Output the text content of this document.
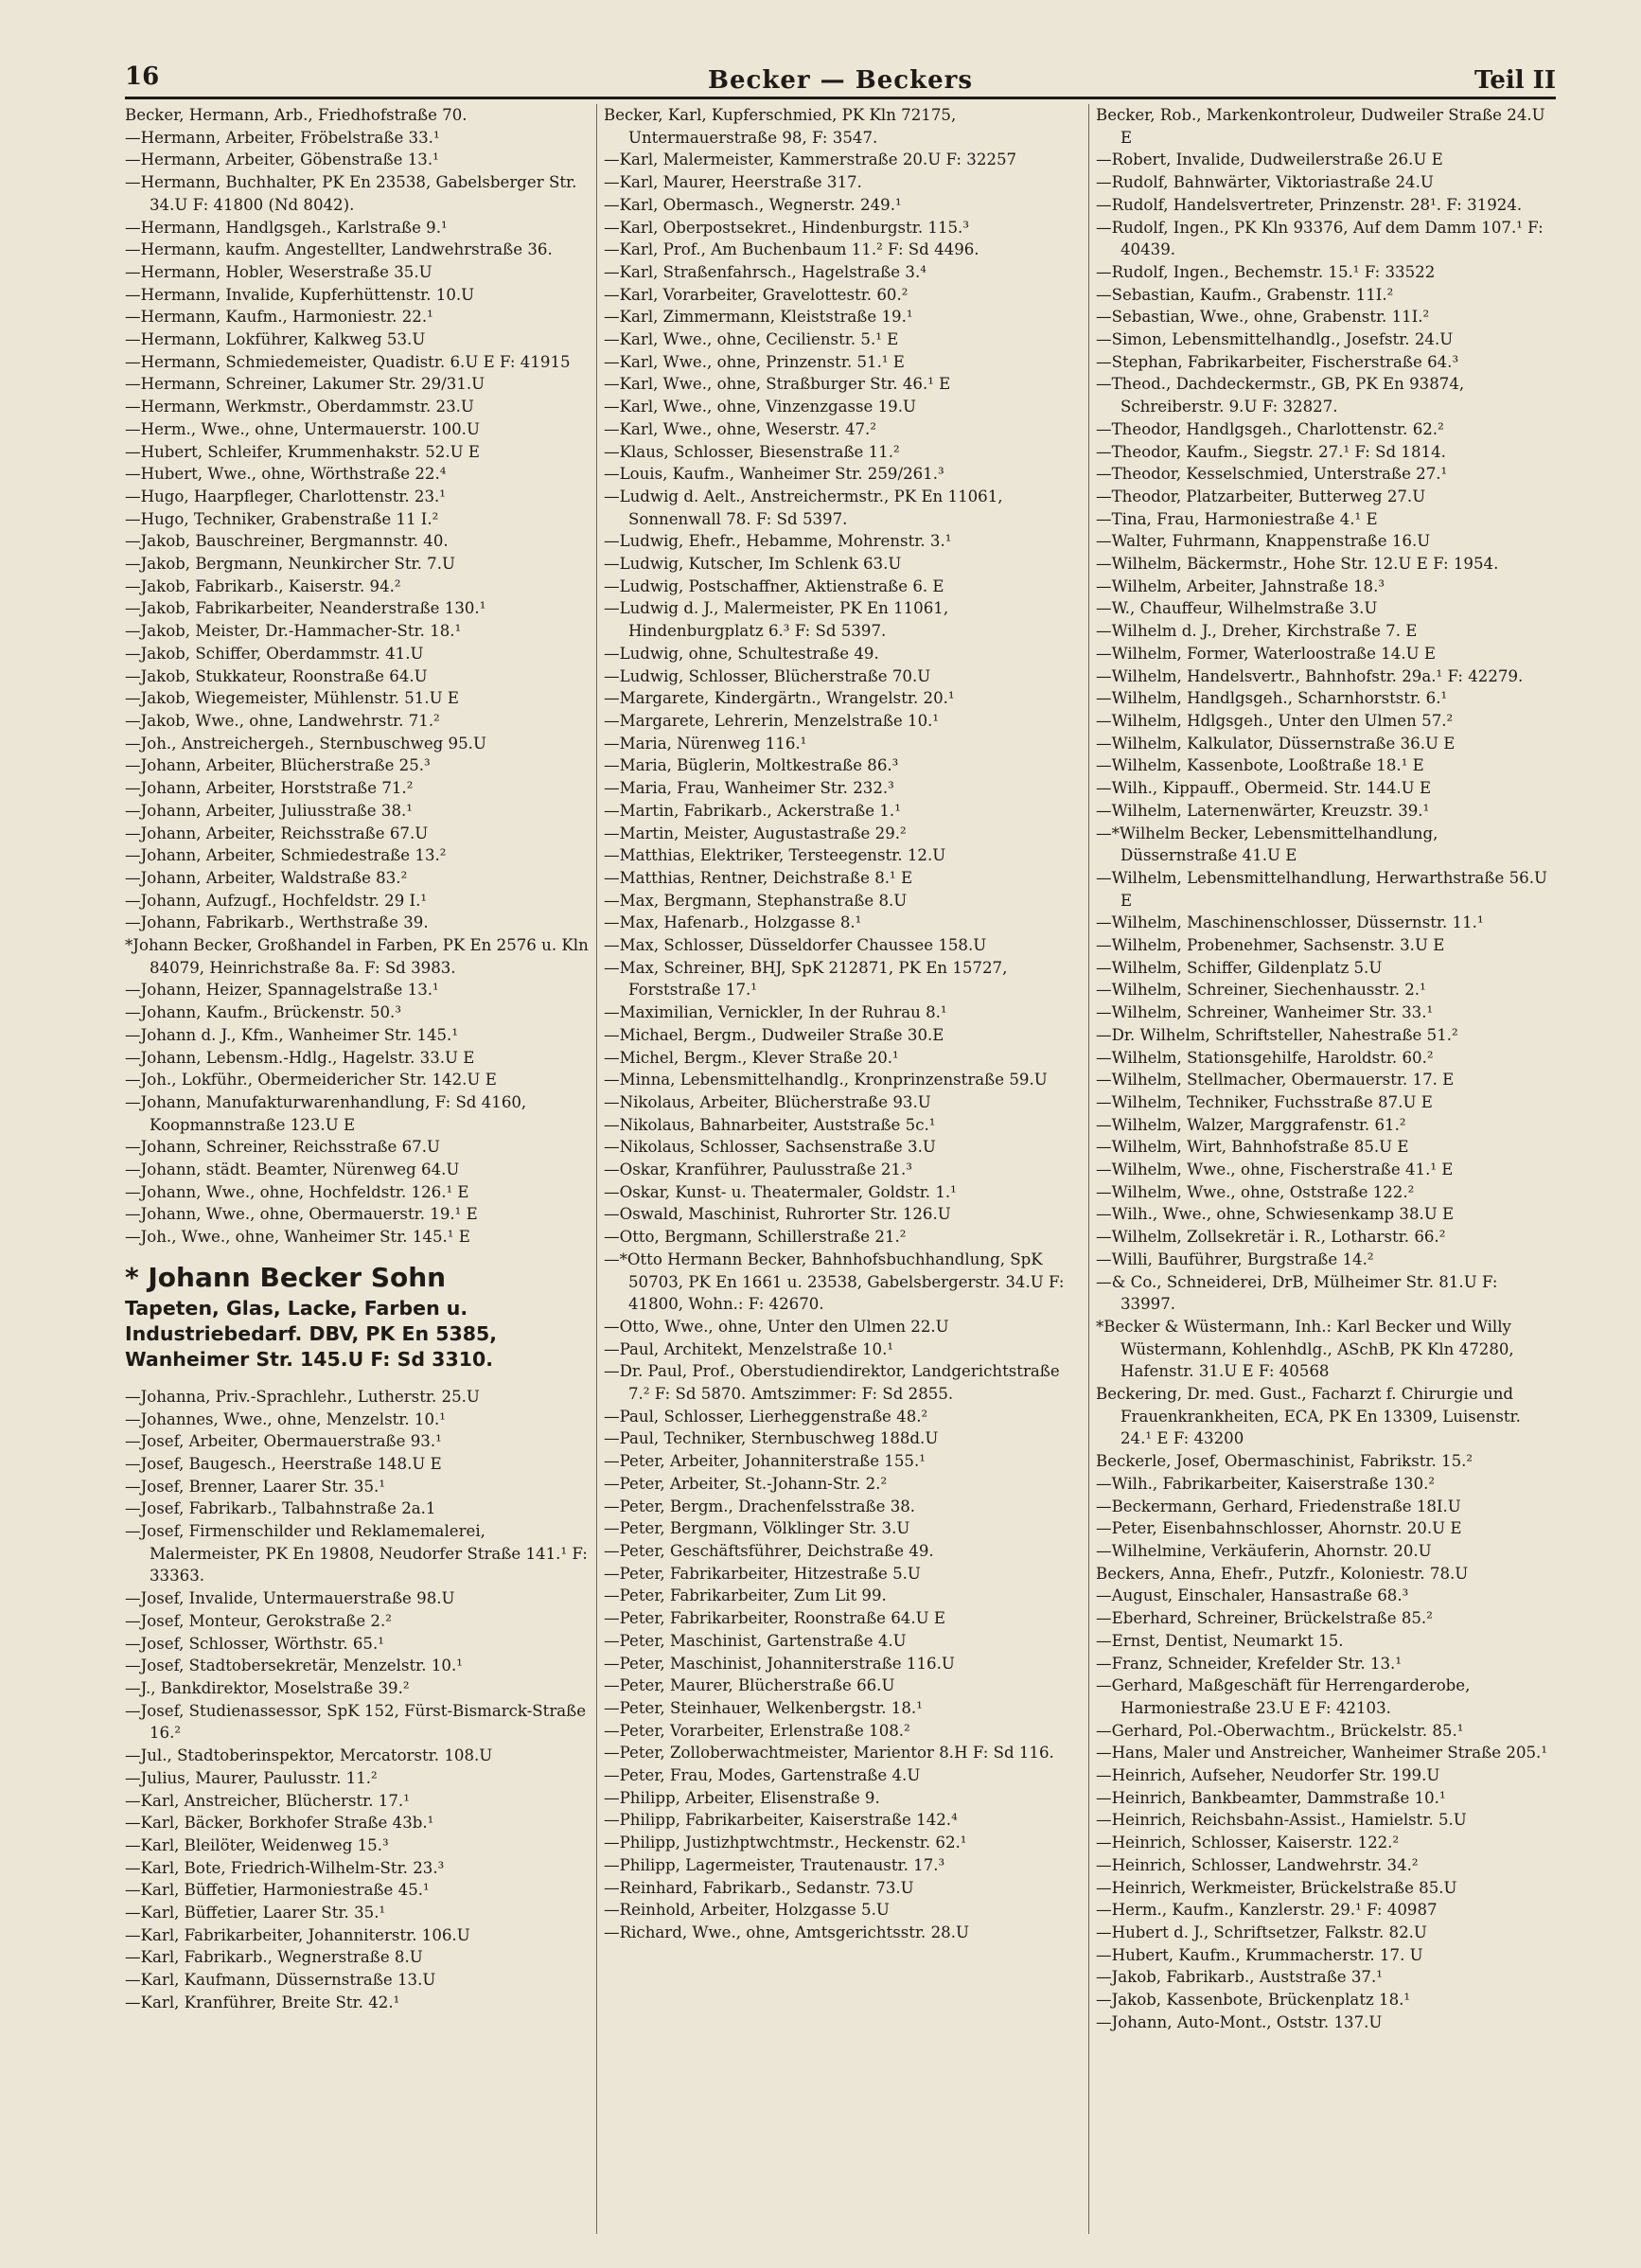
16	Becker — Beckers	Teil II
Becker, Hermann, Arb., Friedhofstraße 70.
—Hermann, Arbeiter, Fröbelstraße 33.¹
—Hermann, Arbeiter, Göbenstraße 13.¹
—Hermann, Buchhalter, PK En 23538, Gabelsberger Str. 34.U F: 41800 (Nd 8042).
—Hermann, Handlgsgeh., Karlstraße 9.¹
—Hermann, kaufm. Angestellter, Landwehrstraße 36.
—Hermann, Hobler, Weserstraße 35.U
—Hermann, Invalide, Kupferhüttenstr. 10.U
—Hermann, Kaufm., Harmoniestr. 22.¹
—Hermann, Lokführer, Kalkweg 53.U
—Hermann, Schmiedemeister, Quadistr. 6.U E F: 41915
—Hermann, Schreiner, Lakumer Str. 29/31.U
—Hermann, Werkmstr., Oberdammstr. 23.U
—Herm., Wwe., ohne, Untermauerstr. 100.U
—Hubert, Schleifer, Krummenhakstr. 52.U E
—Hubert, Wwe., ohne, Wörthstraße 22.⁴
—Hugo, Haarpfleger, Charlottenstr. 23.¹
—Hugo, Techniker, Grabenstraße 11 I.²
—Jakob, Bauschreiner, Bergmannstr. 40.
—Jakob, Bergmann, Neunkircher Str. 7.U
—Jakob, Fabrikarb., Kaiserstr. 94.²
—Jakob, Fabrikarbeiter, Neanderstraße 130.¹
—Jakob, Meister, Dr.-Hammacher-Str. 18.¹
—Jakob, Schiffer, Oberdammstr. 41.U
—Jakob, Stukkateur, Roonstraße 64.U
—Jakob, Wiegemeister, Mühlenstr. 51.U E
—Jakob, Wwe., ohne, Landwehrstr. 71.²
—Joh., Anstreichergeh., Sternbuschweg 95.U
—Johann, Arbeiter, Blücherstraße 25.³
—Johann, Arbeiter, Horststraße 71.²
—Johann, Arbeiter, Juliusstraße 38.¹
—Johann, Arbeiter, Reichsstraße 67.U
—Johann, Arbeiter, Schmiedestraße 13.²
—Johann, Arbeiter, Waldstraße 83.²
—Johann, Aufzugf., Hochfeldstr. 29 I.¹
—Johann, Fabrikarb., Werthstraße 39.
*Johann Becker, Großhandel in Farben, PK En 2576 u. Kln 84079, Heinrichstraße 8a. F: Sd 3983.
—Johann, Heizer, Spannagelstraße 13.¹
—Johann, Kaufm., Brückenstr. 50.³
—Johann d. J., Kfm., Wanheimer Str. 145.¹
—Johann, Lebensm.-Hdlg., Hagelstr. 33.U E
—Joh., Lokführ., Obermeidericher Str. 142.U E
—Johann, Manufakturwarenhandlung, F: Sd 4160, Koopmannstraße 123.U E
—Johann, Schreiner, Reichsstraße 67.U
—Johann, städt. Beamter, Nürenweg 64.U
—Johann, Wwe., ohne, Hochfeldstr. 126.¹ E
—Johann, Wwe., ohne, Obermauerstr. 19.¹ E
—Joh., Wwe., ohne, Wanheimer Str. 145.¹ E
* Johann Becker Sohn
Tapeten, Glas, Lacke, Farben u. Industriebedarf. DBV, PK En 5385, Wanheimer Str. 145.U F: Sd 3310.
—Johanna, Priv.-Sprachlehr., Lutherstr. 25.U
—Johannes, Wwe., ohne, Menzelstr. 10.¹
—Josef, Arbeiter, Obermauerstraße 93.¹
—Josef, Baugesch., Heerstraße 148.U E
—Josef, Brenner, Laarer Str. 35.¹
—Josef, Fabrikarb., Talbahnstraße 2a.1
—Josef, Firmenschilder und Reklamemalerei, Malermeister, PK En 19808, Neudorfer Straße 141.¹ F: 33363.
—Josef, Invalide, Untermauerstraße 98.U
—Josef, Monteur, Gerokstraße 2.²
—Josef, Schlosser, Wörthstr. 65.¹
—Josef, Stadtobersekretär, Menzelstr. 10.¹
—J., Bankdirektor, Moselstraße 39.²
—Josef, Studienassessor, SpK 152, Fürst-Bismarck-Straße 16.²
—Jul., Stadtoberinspektor, Mercatorstr. 108.U
—Julius, Maurer, Paulusstr. 11.²
—Karl, Anstreicher, Blücherstr. 17.¹
—Karl, Bäcker, Borkhofer Straße 43b.¹
—Karl, Bleilöter, Weidenweg 15.³
—Karl, Bote, Friedrich-Wilhelm-Str. 23.³
—Karl, Büffetier, Harmoniestraße 45.¹
—Karl, Büffetier, Laarer Str. 35.¹
—Karl, Fabrikarbeiter, Johanniterstr. 106.U
—Karl, Fabrikarb., Wegnerstraße 8.U
—Karl, Kaufmann, Düssernstraße 13.U
—Karl, Kranführer, Breite Str. 42.¹
Becker, Karl, Kupferschmied, PK Kln 72175, Untermauerstraße 98, F: 3547.
—Karl, Malermeister, Kammerstraße 20.U F: 32257
—Karl, Maurer, Heerstraße 317.
—Karl, Obermasch., Wegnerstr. 249.¹
—Karl, Oberpostsekret., Hindenburgstr. 115.³
—Karl, Prof., Am Buchenbaum 11.² F: Sd 4496.
—Karl, Straßenfahrsch., Hagelstraße 3.⁴
—Karl, Vorarbeiter, Gravelottestr. 60.²
—Karl, Zimmermann, Kleiststraße 19.¹
—Karl, Wwe., ohne, Cecilienstr. 5.¹ E
—Karl, Wwe., ohne, Prinzenstr. 51.¹ E
—Karl, Wwe., ohne, Straßburger Str. 46.¹ E
—Karl, Wwe., ohne, Vinzenzgasse 19.U
—Karl, Wwe., ohne, Weserstr. 47.²
—Klaus, Schlosser, Biesenstraße 11.²
—Louis, Kaufm., Wanheimer Str. 259/261.³
—Ludwig d. Aelt., Anstreichermstr., PK En 11061, Sonnenwall 78. F: Sd 5397.
—Ludwig, Ehefr., Hebamme, Mohrenstr. 3.¹
—Ludwig, Kutscher, Im Schlenk 63.U
—Ludwig, Postschaffner, Aktienstraße 6. E
—Ludwig d. J., Malermeister, PK En 11061, Hindenburgplatz 6.³ F: Sd 5397.
—Ludwig, ohne, Schultestraße 49.
—Ludwig, Schlosser, Blücherstraße 70.U
—Margarete, Kindergärtn., Wrangelstr. 20.¹
—Margarete, Lehrerin, Menzelstraße 10.¹
—Maria, Nürenweg 116.¹
—Maria, Büglerin, Moltkestraße 86.³
—Maria, Frau, Wanheimer Str. 232.³
—Martin, Fabrikarb., Ackerstraße 1.¹
—Martin, Meister, Augustastraße 29.²
—Matthias, Elektriker, Tersteegenstr. 12.U
—Matthias, Rentner, Deichstraße 8.¹ E
—Max, Bergmann, Stephanstraße 8.U
—Max, Hafenarb., Holzgasse 8.¹
—Max, Schlosser, Düsseldorfer Chaussee 158.U
—Max, Schreiner, BHJ, SpK 212871, PK En 15727, Forststraße 17.¹
—Maximilian, Vernickler, In der Ruhrau 8.¹
—Michael, Bergm., Dudweiler Straße 30.E
—Michel, Bergm., Klever Straße 20.¹
—Minna, Lebensmittelhandlg., Kronprinzenstraße 59.U
—Nikolaus, Arbeiter, Blücherstraße 93.U
—Nikolaus, Bahnarbeiter, Auststraße 5c.¹
—Nikolaus, Schlosser, Sachsenstraße 3.U
—Oskar, Kranführer, Paulusstraße 21.³
—Oskar, Kunst- u. Theatermaler, Goldstr. 1.¹
—Oswald, Maschinist, Ruhrorter Str. 126.U
—Otto, Bergmann, Schillerstraße 21.²
—*Otto Hermann Becker, Bahnhofsbuchhandlung, SpK 50703, PK En 1661 u. 23538, Gabelsbergerstr. 34.U F: 41800, Wohn.: F: 42670.
—Otto, Wwe., ohne, Unter den Ulmen 22.U
—Paul, Architekt, Menzelstraße 10.¹
—Dr. Paul, Prof., Oberstudiendirektor, Landgerichtstraße 7.² F: Sd 5870. Amtszimmer: F: Sd 2855.
—Paul, Schlosser, Lierheggenstraße 48.²
—Paul, Techniker, Sternbuschweg 188d.U
—Peter, Arbeiter, Johanniterstraße 155.¹
—Peter, Arbeiter, St.-Johann-Str. 2.²
—Peter, Bergm., Drachenfelsstraße 38.
—Peter, Bergmann, Völklinger Str. 3.U
—Peter, Geschäftsführer, Deichstraße 49.
—Peter, Fabrikarbeiter, Hitzestraße 5.U
—Peter, Fabrikarbeiter, Zum Lit 99.
—Peter, Fabrikarbeiter, Roonstraße 64.U E
—Peter, Maschinist, Gartenstraße 4.U
—Peter, Maschinist, Johanniterstraße 116.U
—Peter, Maurer, Blücherstraße 66.U
—Peter, Steinhauer, Welkenbergstr. 18.¹
—Peter, Vorarbeiter, Erlenstraße 108.²
—Peter, Zolloberwachtmeister, Marientor 8.H F: Sd 116.
—Peter, Frau, Modes, Gartenstraße 4.U
—Philipp, Arbeiter, Elisenstraße 9.
—Philipp, Fabrikarbeiter, Kaiserstraße 142.⁴
—Philipp, Justizhptwchtmstr., Heckenstr. 62.¹
—Philipp, Lagermeister, Trautenaustr. 17.³
—Reinhard, Fabrikarb., Sedanstr. 73.U
—Reinhold, Arbeiter, Holzgasse 5.U
—Richard, Wwe., ohne, Amtsgerichtsstr. 28.U
Becker, Rob., Markenkontroleur, Dudweiler Straße 24.U E
—Robert, Invalide, Dudweilerstraße 26.U E
—Rudolf, Bahnwärter, Viktoriastraße 24.U
—Rudolf, Handelsvertreter, Prinzenstr. 28¹. F: 31924.
—Rudolf, Ingen., PK Kln 93376, Auf dem Damm 107.¹ F: 40439.
—Rudolf, Ingen., Bechemstr. 15.¹ F: 33522
—Sebastian, Kaufm., Grabenstr. 11I.²
—Sebastian, Wwe., ohne, Grabenstr. 11I.²
—Simon, Lebensmittelhandlg., Josefstr. 24.U
—Stephan, Fabrikarbeiter, Fischerstraße 64.³
—Theod., Dachdeckermstr., GB, PK En 93874, Schreiberstr. 9.U F: 32827.
—Theodor, Handlgsgeh., Charlottenstr. 62.²
—Theodor, Kaufm., Siegstr. 27.¹ F: Sd 1814.
—Theodor, Kesselschmied, Unterstraße 27.¹
—Theodor, Platzarbeiter, Butterweg 27.U
—Tina, Frau, Harmoniestraße 4.¹ E
—Walter, Fuhrmann, Knappenstraße 16.U
—Wilhelm, Bäckermstr., Hohe Str. 12.U E F: 1954.
—Wilhelm, Arbeiter, Jahnstraße 18.³
—W., Chauffeur, Wilhelmstraße 3.U
—Wilhelm d. J., Dreher, Kirchstraße 7. E
—Wilhelm, Former, Waterloostraße 14.U E
—Wilhelm, Handelsvertr., Bahnhofstr. 29a.¹ F: 42279.
—Wilhelm, Handlgsgeh., Scharnhorststr. 6.¹
—Wilhelm, Hdlgsgeh., Unter den Ulmen 57.²
—Wilhelm, Kalkulator, Düssernstraße 36.U E
—Wilhelm, Kassenbote, Looßtraße 18.¹ E
—Wilh., Kippauff., Obermeid. Str. 144.U E
—Wilhelm, Laternenwärter, Kreuzstr. 39.¹
—*Wilhelm Becker, Lebensmittelhandlung, Düssernstraße 41.U E
—Wilhelm, Lebensmittelhandlung, Herwarthstraße 56.U E
—Wilhelm, Maschinenschlosser, Düssernstr. 11.¹
—Wilhelm, Probenehmer, Sachsenstr. 3.U E
—Wilhelm, Schiffer, Gildenplatz 5.U
—Wilhelm, Schreiner, Siechenhausstr. 2.¹
—Wilhelm, Schreiner, Wanheimer Str. 33.¹
—Dr. Wilhelm, Schriftsteller, Nahestraße 51.²
—Wilhelm, Stationsgehilfe, Haroldstr. 60.²
—Wilhelm, Stellmacher, Obermauerstr. 17. E
—Wilhelm, Techniker, Fuchsstraße 87.U E
—Wilhelm, Walzer, Marggrafenstr. 61.²
—Wilhelm, Wirt, Bahnhofstraße 85.U E
—Wilhelm, Wwe., ohne, Fischerstraße 41.¹ E
—Wilhelm, Wwe., ohne, Oststraße 122.²
—Wilh., Wwe., ohne, Schwiesenkamp 38.U E
—Wilhelm, Zollsekretär i. R., Lotharstr. 66.²
—Willi, Bauführer, Burgstraße 14.²
—& Co., Schneiderei, DrB, Mülheimer Str. 81.U F: 33997.
*Becker & Wüstermann, Inh.: Karl Becker und Willy Wüstermann, Kohlenhdlg., ASchB, PK Kln 47280, Hafenstr. 31.U E F: 40568
Beckering, Dr. med. Gust., Facharzt f. Chirurgie und Frauenkrankheiten, ECA, PK En 13309, Luisenstr. 24.¹ E F: 43200
Beckerle, Josef, Obermaschinist, Fabrikstr. 15.²
—Wilh., Fabrikarbeiter, Kaiserstraße 130.²
—Beckermann, Gerhard, Friedenstraße 18I.U
—Peter, Eisenbahnschlosser, Ahornstr. 20.U E
—Wilhelmine, Verkäuferin, Ahornstr. 20.U
Beckers, Anna, Ehefr., Putzfr., Koloniestr. 78.U
—August, Einschaler, Hansastraße 68.³
—Eberhard, Schreiner, Brückelstraße 85.²
—Ernst, Dentist, Neumarkt 15.
—Franz, Schneider, Krefelder Str. 13.¹
—Gerhard, Maßgeschäft für Herrengarderobe, Harmoniestraße 23.U E F: 42103.
—Gerhard, Pol.-Oberwachtm., Brückelstr. 85.¹
—Hans, Maler und Anstreicher, Wanheimer Straße 205.¹
—Heinrich, Aufseher, Neudorfer Str. 199.U
—Heinrich, Bankbeamter, Dammstraße 10.¹
—Heinrich, Reichsbahn-Assist., Hamielstr. 5.U
—Heinrich, Schlosser, Kaiserstr. 122.²
—Heinrich, Schlosser, Landwehrstr. 34.²
—Heinrich, Werkmeister, Brückelstraße 85.U
—Herm., Kaufm., Kanzlerstr. 29.¹ F: 40987
—Hubert d. J., Schriftsetzer, Falkstr. 82.U
—Hubert, Kaufm., Krummacherstr. 17. U
—Jakob, Fabrikarb., Auststraße 37.¹
—Jakob, Kassenbote, Brückenplatz 18.¹
—Johann, Auto-Mont., Oststr. 137.U
